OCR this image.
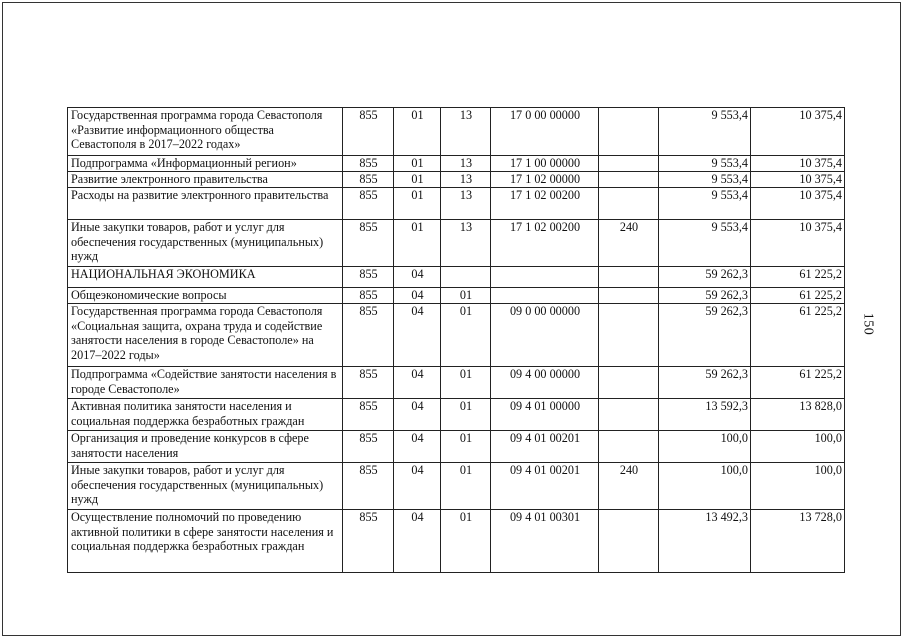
Государственная программа города Севастополя «Развитие информационного общества Севастополя в 2017–2022 годах»	855	01	13	17 0 00 00000		9 553,4	10 375,4
Подпрограмма «Информационный регион»	855	01	13	17 1 00 00000		9 553,4	10 375,4
Развитие электронного правительства	855	01	13	17 1 02 00000		9 553,4	10 375,4
Расходы на развитие электронного правительства	855	01	13	17 1 02 00200		9 553,4	10 375,4
Иные закупки товаров, работ и услуг для обеспечения государственных (муниципальных) нужд	855	01	13	17 1 02 00200	240	9 553,4	10 375,4
НАЦИОНАЛЬНАЯ ЭКОНОМИКА	855	04				59 262,3	61 225,2
Общеэкономические вопросы	855	04	01			59 262,3	61 225,2
Государственная программа города Севастополя «Социальная защита, охрана труда и содействие занятости населения в городе Севастополе» на 2017–2022 годы»	855	04	01	09 0 00 00000		59 262,3	61 225,2
Подпрограмма «Содействие занятости населения в городе Севастополе»	855	04	01	09 4 00 00000		59 262,3	61 225,2
Активная политика занятости населения и социальная поддержка безработных граждан	855	04	01	09 4 01 00000		13 592,3	13 828,0
Организация и проведение конкурсов в сфере занятости населения	855	04	01	09 4 01 00201		100,0	100,0
Иные закупки товаров, работ и услуг для обеспечения государственных (муниципальных) нужд	855	04	01	09 4 01 00201	240	100,0	100,0
Осуществление полномочий по проведению активной политики в сфере занятости населения и социальная поддержка безработных граждан	855	04	01	09 4 01 00301		13 492,3	13 728,0
150
